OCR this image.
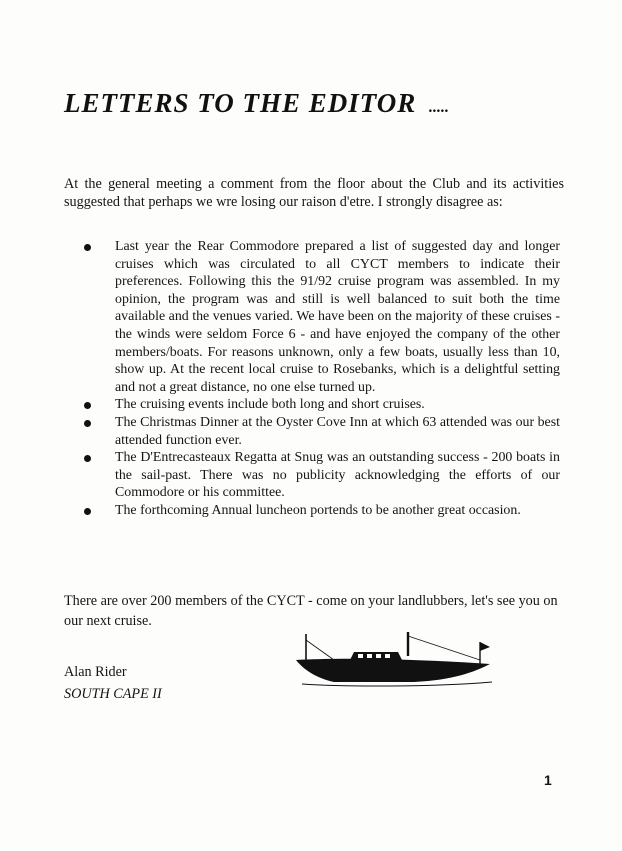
LETTERS TO THE EDITOR .....

At the general meeting a comment from the floor about the Club and its activities suggested that perhaps we wre losing our raison d'etre. I strongly disagree as:

Last year the Rear Commodore prepared a list of suggested day and longer cruises which was circulated to all CYCT members to indicate their preferences. Following this the 91/92 cruise program was assembled. In my opinion, the program was and still is well balanced to suit both the time available and the venues varied. We have been on the majority of these cruises - the winds were seldom Force 6 - and have enjoyed the company of the other members/boats. For reasons unknown, only a few boats, usually less than 10, show up. At the recent local cruise to Rosebanks, which is a delightful setting and not a great distance, no one else turned up.
The cruising events include both long and short cruises.
The Christmas Dinner at the Oyster Cove Inn at which 63 attended was our best attended function ever.
The D'Entrecasteaux Regatta at Snug was an outstanding success - 200 boats in the sail-past. There was no publicity acknowledging the efforts of our Commodore or his committee.
The forthcoming Annual luncheon portends to be another great occasion.

There are over 200 members of the CYCT - come on your landlubbers, let's see you on our next cruise.

Alan Rider
SOUTH CAPE II
1
